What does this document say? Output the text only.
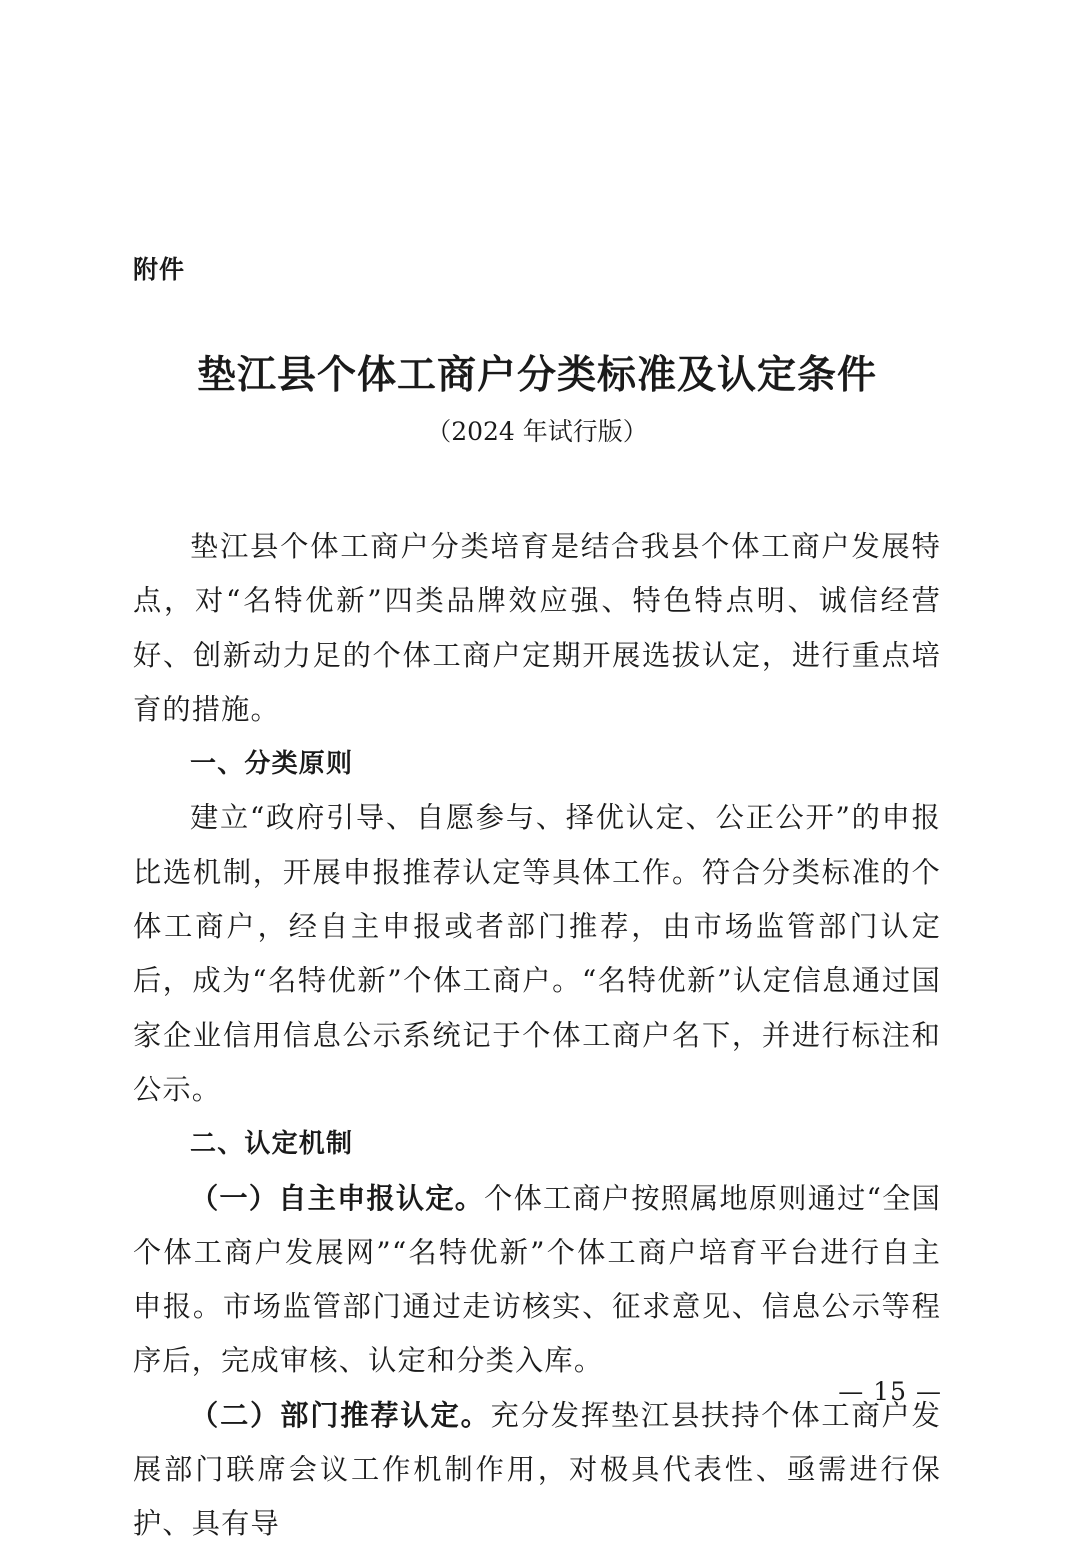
附件
垫江县个体工商户分类标准及认定条件
（2024 年试行版）

垫江县个体工商户分类培育是结合我县个体工商户发展特点，对“名特优新”四类品牌效应强、特色特点明、诚信经营好、创新动力足的个体工商户定期开展选拔认定，进行重点培育的措施。

一、分类原则

建立“政府引导、自愿参与、择优认定、公正公开”的申报比选机制，开展申报推荐认定等具体工作。符合分类标准的个体工商户，经自主申报或者部门推荐，由市场监管部门认定后，成为“名特优新”个体工商户。“名特优新”认定信息通过国家企业信用信息公示系统记于个体工商户名下，并进行标注和公示。

二、认定机制

（一）自主申报认定。个体工商户按照属地原则通过“全国个体工商户发展网”“名特优新”个体工商户培育平台进行自主申报。市场监管部门通过走访核实、征求意见、信息公示等程序后，完成审核、认定和分类入库。

（二）部门推荐认定。充分发挥垫江县扶持个体工商户发展部门联席会议工作机制作用，对极具代表性、亟需进行保护、具有导

— 15 —
